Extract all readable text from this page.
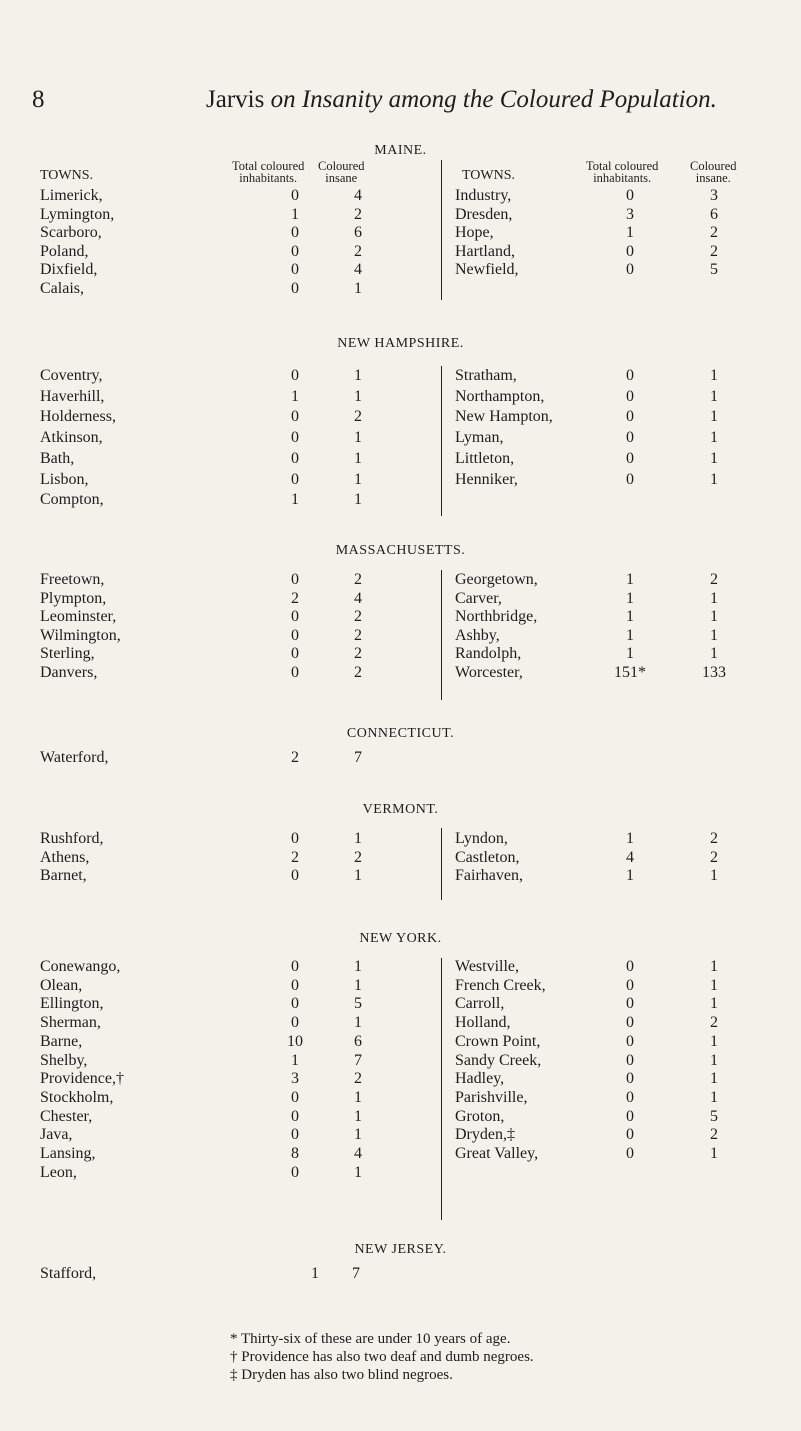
8	Jarvis on Insanity among the Coloured Population.
MAINE.
TOWNS.
Total coloured
inhabitants.
Coloured
insane	TOWNS.
Total coloured
inhabitants.
Coloured
insane.
Limerick,	0	4	Industry,	0	3
Lymington,	1	2	Dresden,	3	6
Scarboro,	0	6	Hope,	1	2
Poland,	0	2	Hartland,	0	2
Dixfield,	0	4	Newfield,	0	5
Calais,	0	1
NEW HAMPSHIRE.
Coventry,	0	1	Stratham,	0	1
Haverhill,	1	1	Northampton,	0	1
Holderness,	0	2	New Hampton,	0	1
Atkinson,	0	1	Lyman,	0	1
Bath,	0	1	Littleton,	0	1
Lisbon,	0	1	Henniker,	0	1
Compton,	1	1
MASSACHUSETTS.
Freetown,	0	2	Georgetown,	1	2
Plympton,	2	4	Carver,	1	1
Leominster,	0	2	Northbridge,	1	1
Wilmington,	0	2	Ashby,	1	1
Sterling,	0	2	Randolph,	1	1
Danvers,	0	2	Worcester,	151*	133
CONNECTICUT.
Waterford,	2	7
VERMONT.
Rushford,	0	1	Lyndon,	1	2
Athens,	2	2	Castleton,	4	2
Barnet,	0	1	Fairhaven,	1	1
NEW YORK.
Conewango,	0	1	Westville,	0	1
Olean,	0	1	French Creek,	0	1
Ellington,	0	5	Carroll,	0	1
Sherman,	0	1	Holland,	0	2
Barne,	10	6	Crown Point,	0	1
Shelby,	1	7	Sandy Creek,	0	1
Providence,†	3	2	Hadley,	0	1
Stockholm,	0	1	Parishville,	0	1
Chester,	0	1	Groton,	0	5
Java,	0	1	Dryden,‡	0	2
Lansing,	8	4	Great Valley,	0	1
Leon,	0	1
NEW JERSEY.
Stafford,	1	7
* Thirty-six of these are under 10 years of age.
† Providence has also two deaf and dumb negroes.
‡ Dryden has also two blind negroes.
